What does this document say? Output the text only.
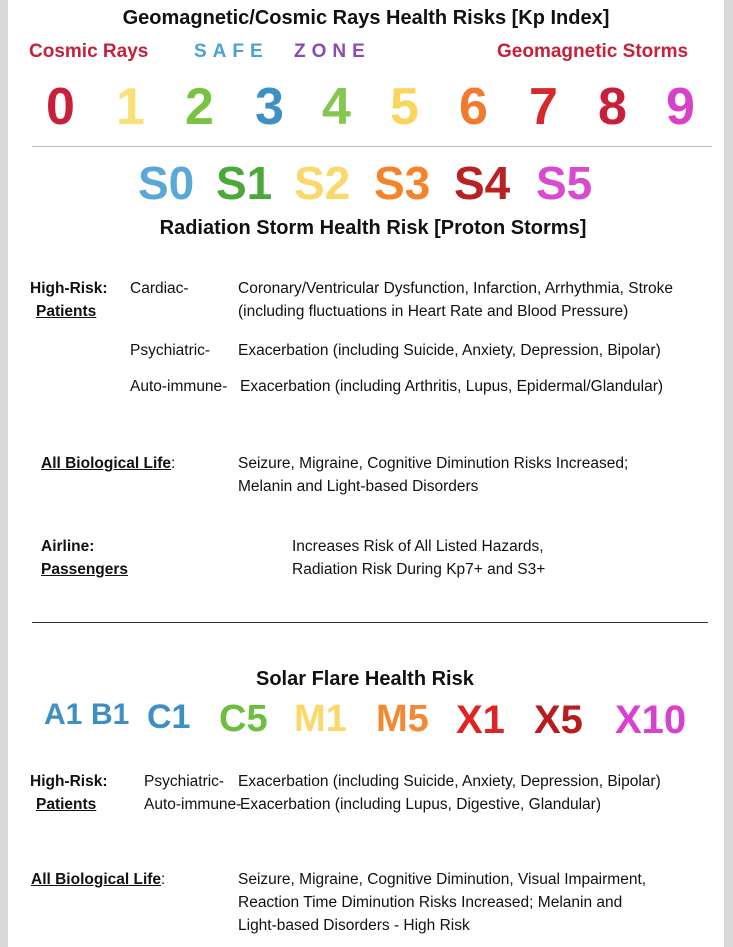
Geomagnetic/Cosmic Rays Health Risks [Kp Index]
Cosmic Rays SAFE ZONE	Geomagnetic Storms
0 1 2 3 4 5 6 7 8 9
S0 S1 S2 S3 S4 S5
Radiation Storm Health Risk [Proton Storms]
High-Risk:
Patients
Cardiac-	Coronary/Ventricular Dysfunction, Infarction, Arrhythmia, Stroke
(including fluctuations in Heart Rate and Blood Pressure)
Psychiatric- Exacerbation (including Suicide, Anxiety, Depression, Bipolar)
Auto-immune- Exacerbation (including Arthritis, Lupus, Epidermal/Glandular)
All Biological Life:	Seizure, Migraine, Cognitive Diminution Risks Increased;
Melanin and Light-based Disorders
Airline:
Passengers
Increases Risk of All Listed Hazards,
Radiation Risk During Kp7+ and S3+
Solar Flare Health Risk
A1 B1 C1 C5 M1 M5 X1 X5 X10
High-Risk:
Patients
Psychiatric- Exacerbation (including Suicide, Anxiety, Depression, Bipolar)
Auto-immune-
Exacerbation (including Lupus, Digestive, Glandular)
All Biological Life:	Seizure, Migraine, Cognitive Diminution, Visual Impairment,
Reaction Time Diminution Risks Increased; Melanin and
Light-based Disorders - High Risk
